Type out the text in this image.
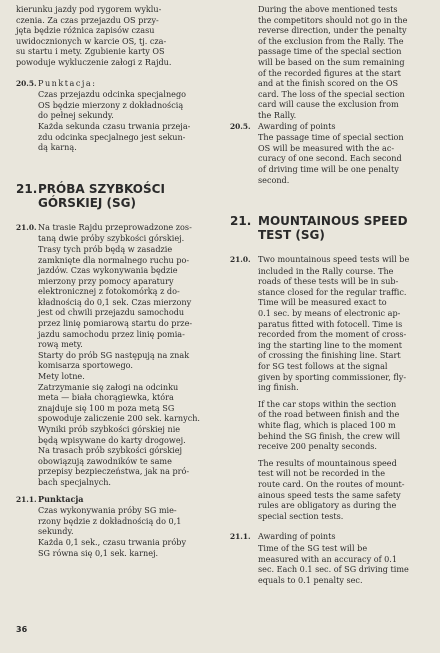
kierunku jazdy pod rygorem wyklu-

czenia. Za czas przejazdu OS przy-

jęta będzie różnica zapisów czasu

uwidocznionych w karcie OS, tj. cza-

su startu i mety. Zgubienie karty OS

powoduje wykluczenie załogi z Rajdu.

20.5.Punktacja:

Czas przejazdu odcinka specjalnego

OS będzie mierzony z dokładnością

do pełnej sekundy.

Każda sekunda czasu trwania przeja-

zdu odcinka specjalnego jest sekun-

dą karną.

21. PRÓBA SZYBKOŚCI

GÓRSKIEJ (SG)

21.0.Na trasie Rajdu przeprowadzone zos-

taną dwie próby szybkości górskiej.

Trasy tych prób będą w zasadzie

zamknięte dla normalnego ruchu po-

jazdów. Czas wykonywania będzie

mierzony przy pomocy aparatury

elektronicznej z fotokomórką z do-

kładnością do 0,1 sek. Czas mierzony

jest od chwili przejazdu samochodu

przez linię pomiarową startu do prze-

jazdu samochodu przez linię pomia-

rową mety.

Starty do prób SG następują na znak

komisarza sportowego.

Mety lotne.

Zatrzymanie się załogi na odcinku

meta — biała chorągiewka, która

znajduje się 100 m poza metą SG

spowoduje zaliczenie 200 sek. karnych.

Wyniki prób szybkości górskiej nie

będą wpisywane do karty drogowej.

Na trasach prób szybkości górskiej

obowiązują zawodników te same

przepisy bezpieczeństwa, jak na pró-

bach specjalnych.

21.1.Punktacja

Czas wykonywania próby SG mie-

rzony będzie z dokładnością do 0,1

sekundy.

Każda 0,1 sek., czasu trwania próby

SG równa się 0,1 sek. karnej.

During the above mentioned tests

the competitors should not go in the

reverse direction, under the penalty

of the exclusion from the Rally. The

passage time of the special section

will be based on the sum remaining

of the recorded figures at the start

and at the finish scored on the OS

card. The loss of the special section

card will cause the exclusion from

the Rally.

20.5. Awarding of points

The passage time of special section

OS will be measured with the ac-

curacy of one second. Each second

of driving time will be one penalty

second.

21. MOUNTAINOUS SPEED

TEST (SG)

21.0. Two mountainous speed tests will be

included in the Rally course. The

roads of these tests will be in sub-

stance closed for the regular traffic.

Time will be measured exact to

0.1 sec. by means of electronic ap-

paratus fitted with fotocell. Time is

recorded from the moment of cross-

ing the starting line to the moment

of crossing the finishing line. Start

for SG test follows at the signal

given by sporting commissioner, fly-

ing finish.

If the car stops within the section

of the road between finish and the

white flag, which is placed 100 m

behind the SG finish, the crew will

receive 200 penalty seconds.

The results of mountainous speed

test will not be recorded in the

route card. On the routes of mount-

ainous speed tests the same safety

rules are obligatory as during the

special section tests.

21.1. Awarding of points

Time of the SG test will be

measured with an accuracy of 0.1

sec. Each 0.1 sec. of SG driving time

equals to 0.1 penalty sec.

36
